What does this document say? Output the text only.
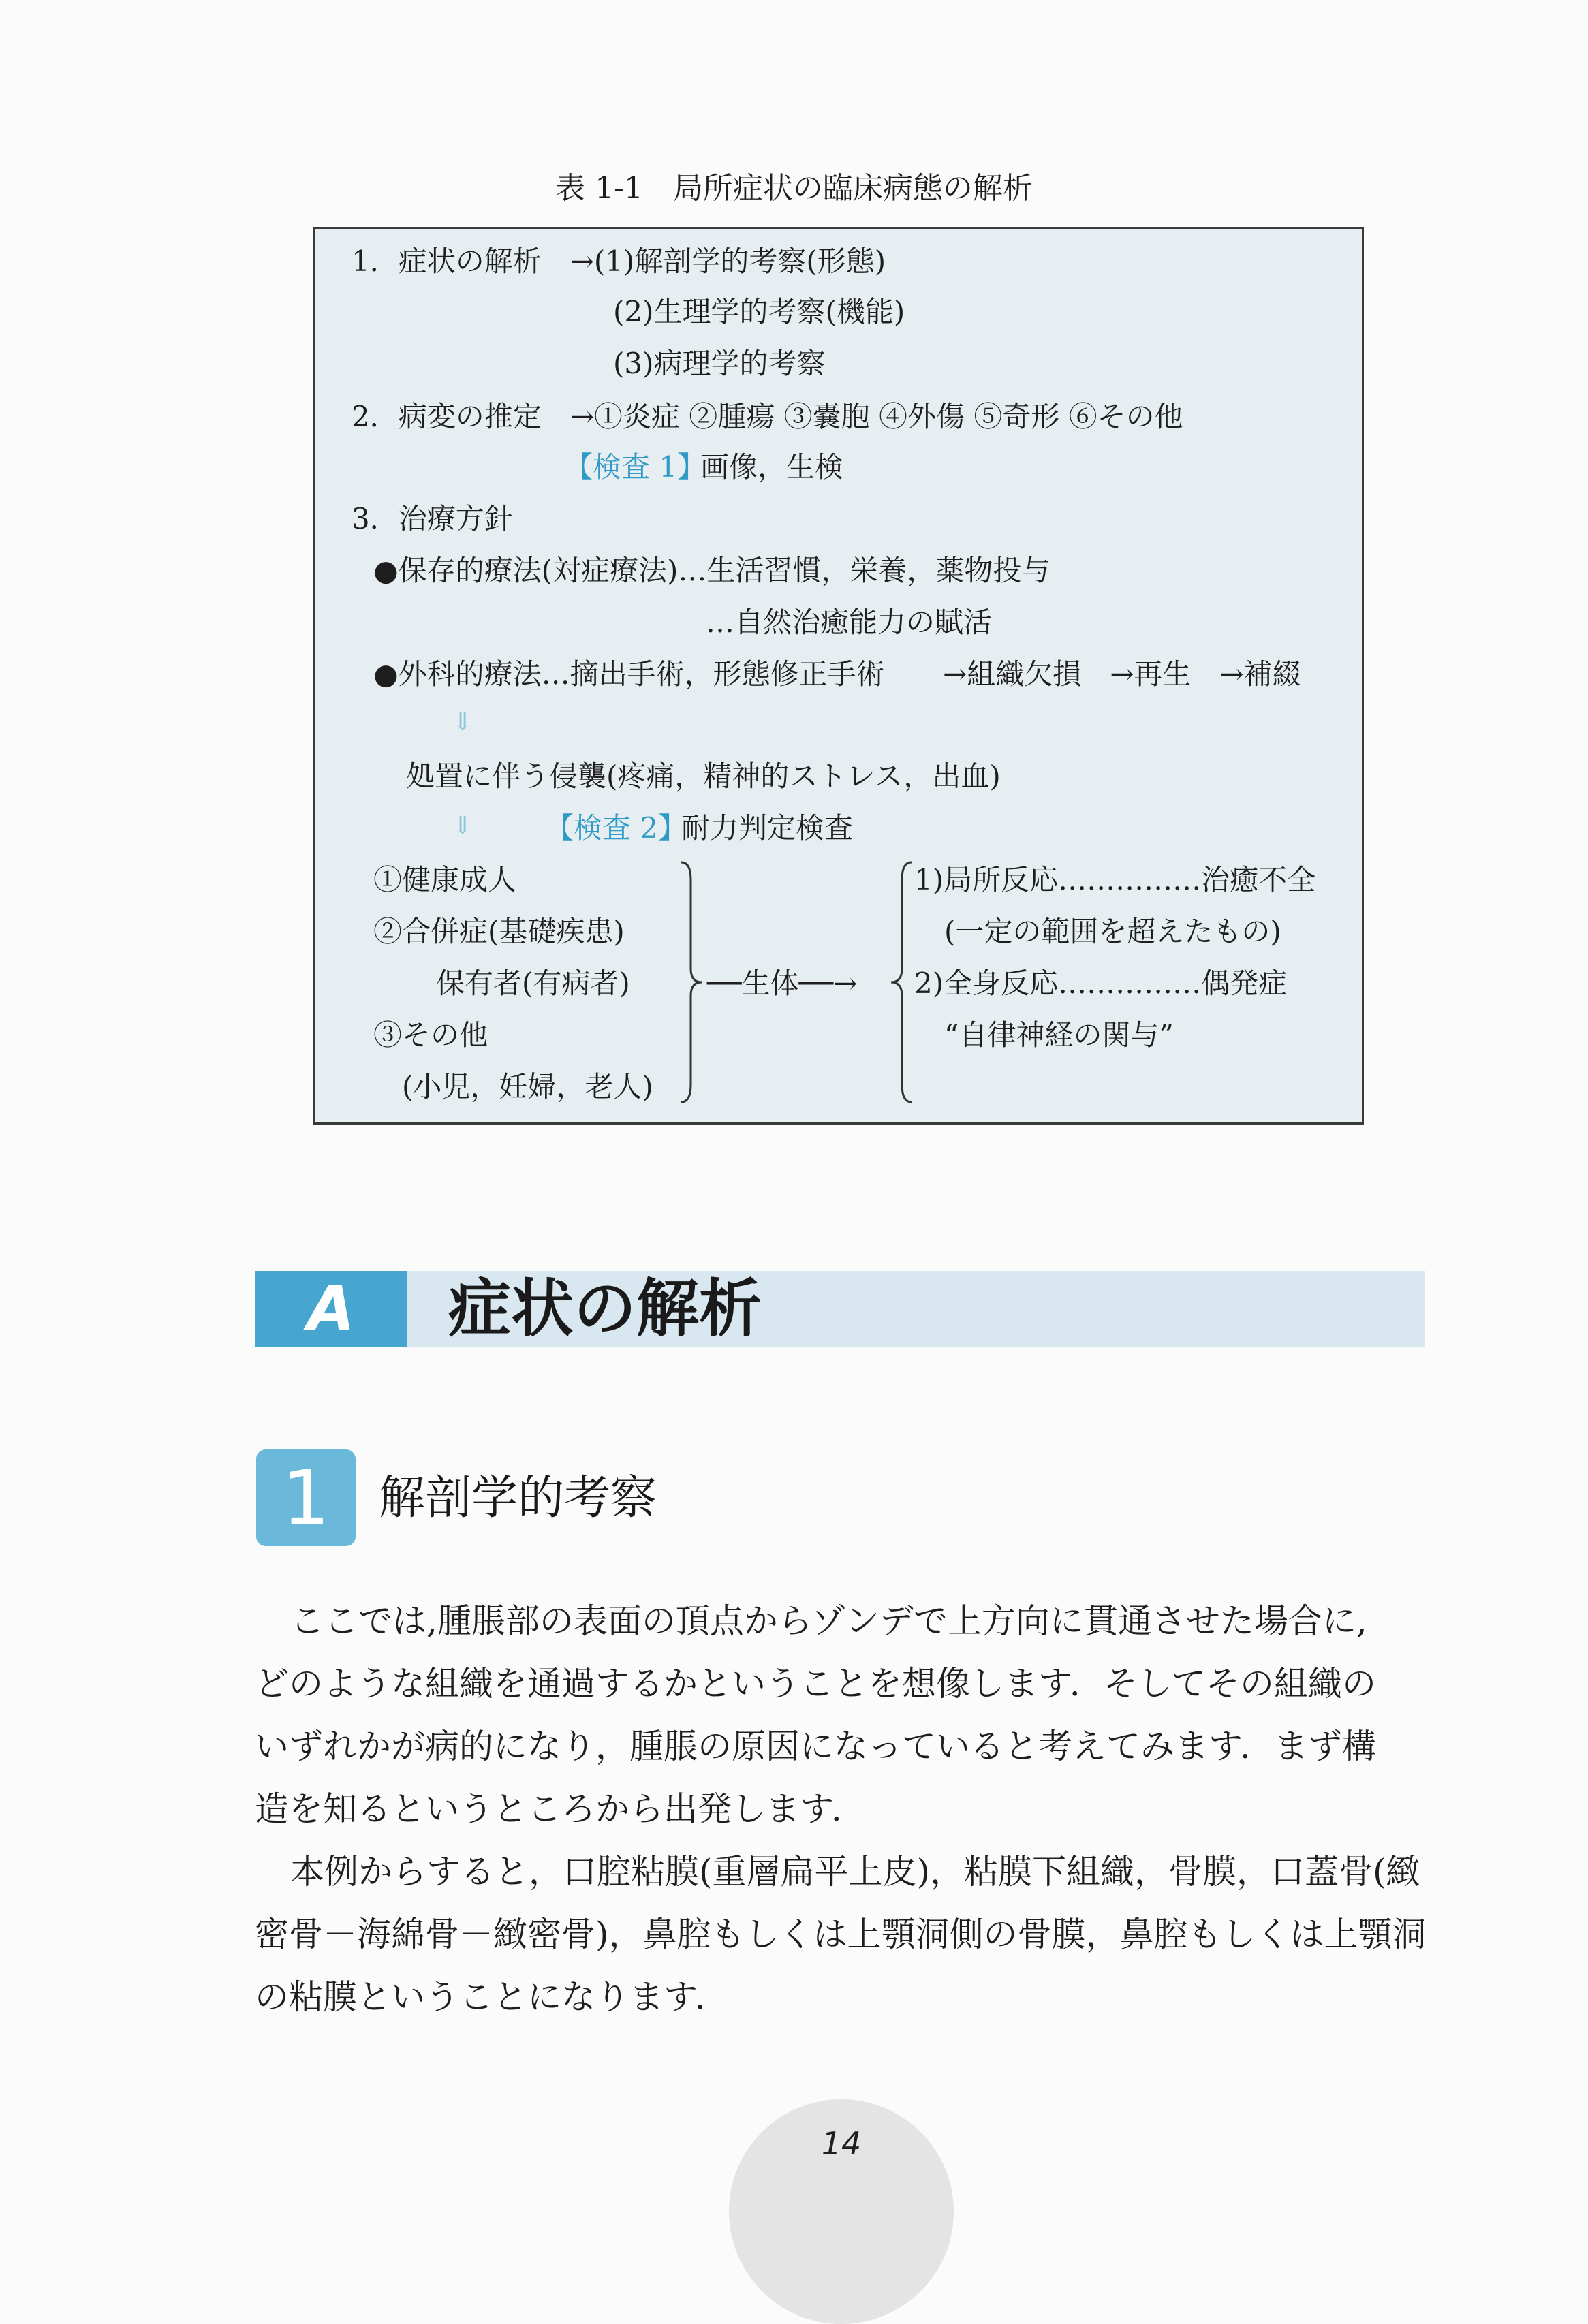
表 1-1　局所症状の臨床病態の解析
1．症状の解析　→(1)解剖学的考察(形態)
(2)生理学的考察(機能)
(3)病理学的考察
2．病変の推定　→①炎症 ②腫瘍 ③嚢胞 ④外傷 ⑤奇形 ⑥その他
【検査 1】
画像，生検
3．治療方針
●保存的療法(対症療法)…生活習慣，栄養，薬物投与
…自然治癒能力の賦活
●外科的療法…摘出手術，形態修正手術 →組織欠損　→再生　→補綴
⇓
処置に伴う侵襲(疼痛，精神的ストレス，出血)
⇓	【検査 2】
耐力判定検査
①健康成人
②合併症(基礎疾患)
保有者(有病者)
③その他
(小児，妊婦，老人)
──生体──→
1)局所反応……………治癒不全
(一定の範囲を超えたもの)
2)全身反応……………偶発症
“自律神経の関与”
A	症状の解析
1	解剖学的考察
ここでは,腫脹部の表面の頂点からゾンデで上方向に貫通させた場合に,
どのような組織を通過するかということを想像します．そしてその組織の
いずれかが病的になり，腫脹の原因になっていると考えてみます．まず構
造を知るというところから出発します．
本例からすると，口腔粘膜(重層扁平上皮)，粘膜下組織，骨膜，口蓋骨(緻
密骨－海綿骨－緻密骨)，鼻腔もしくは上顎洞側の骨膜，鼻腔もしくは上顎洞
の粘膜ということになります．
14
